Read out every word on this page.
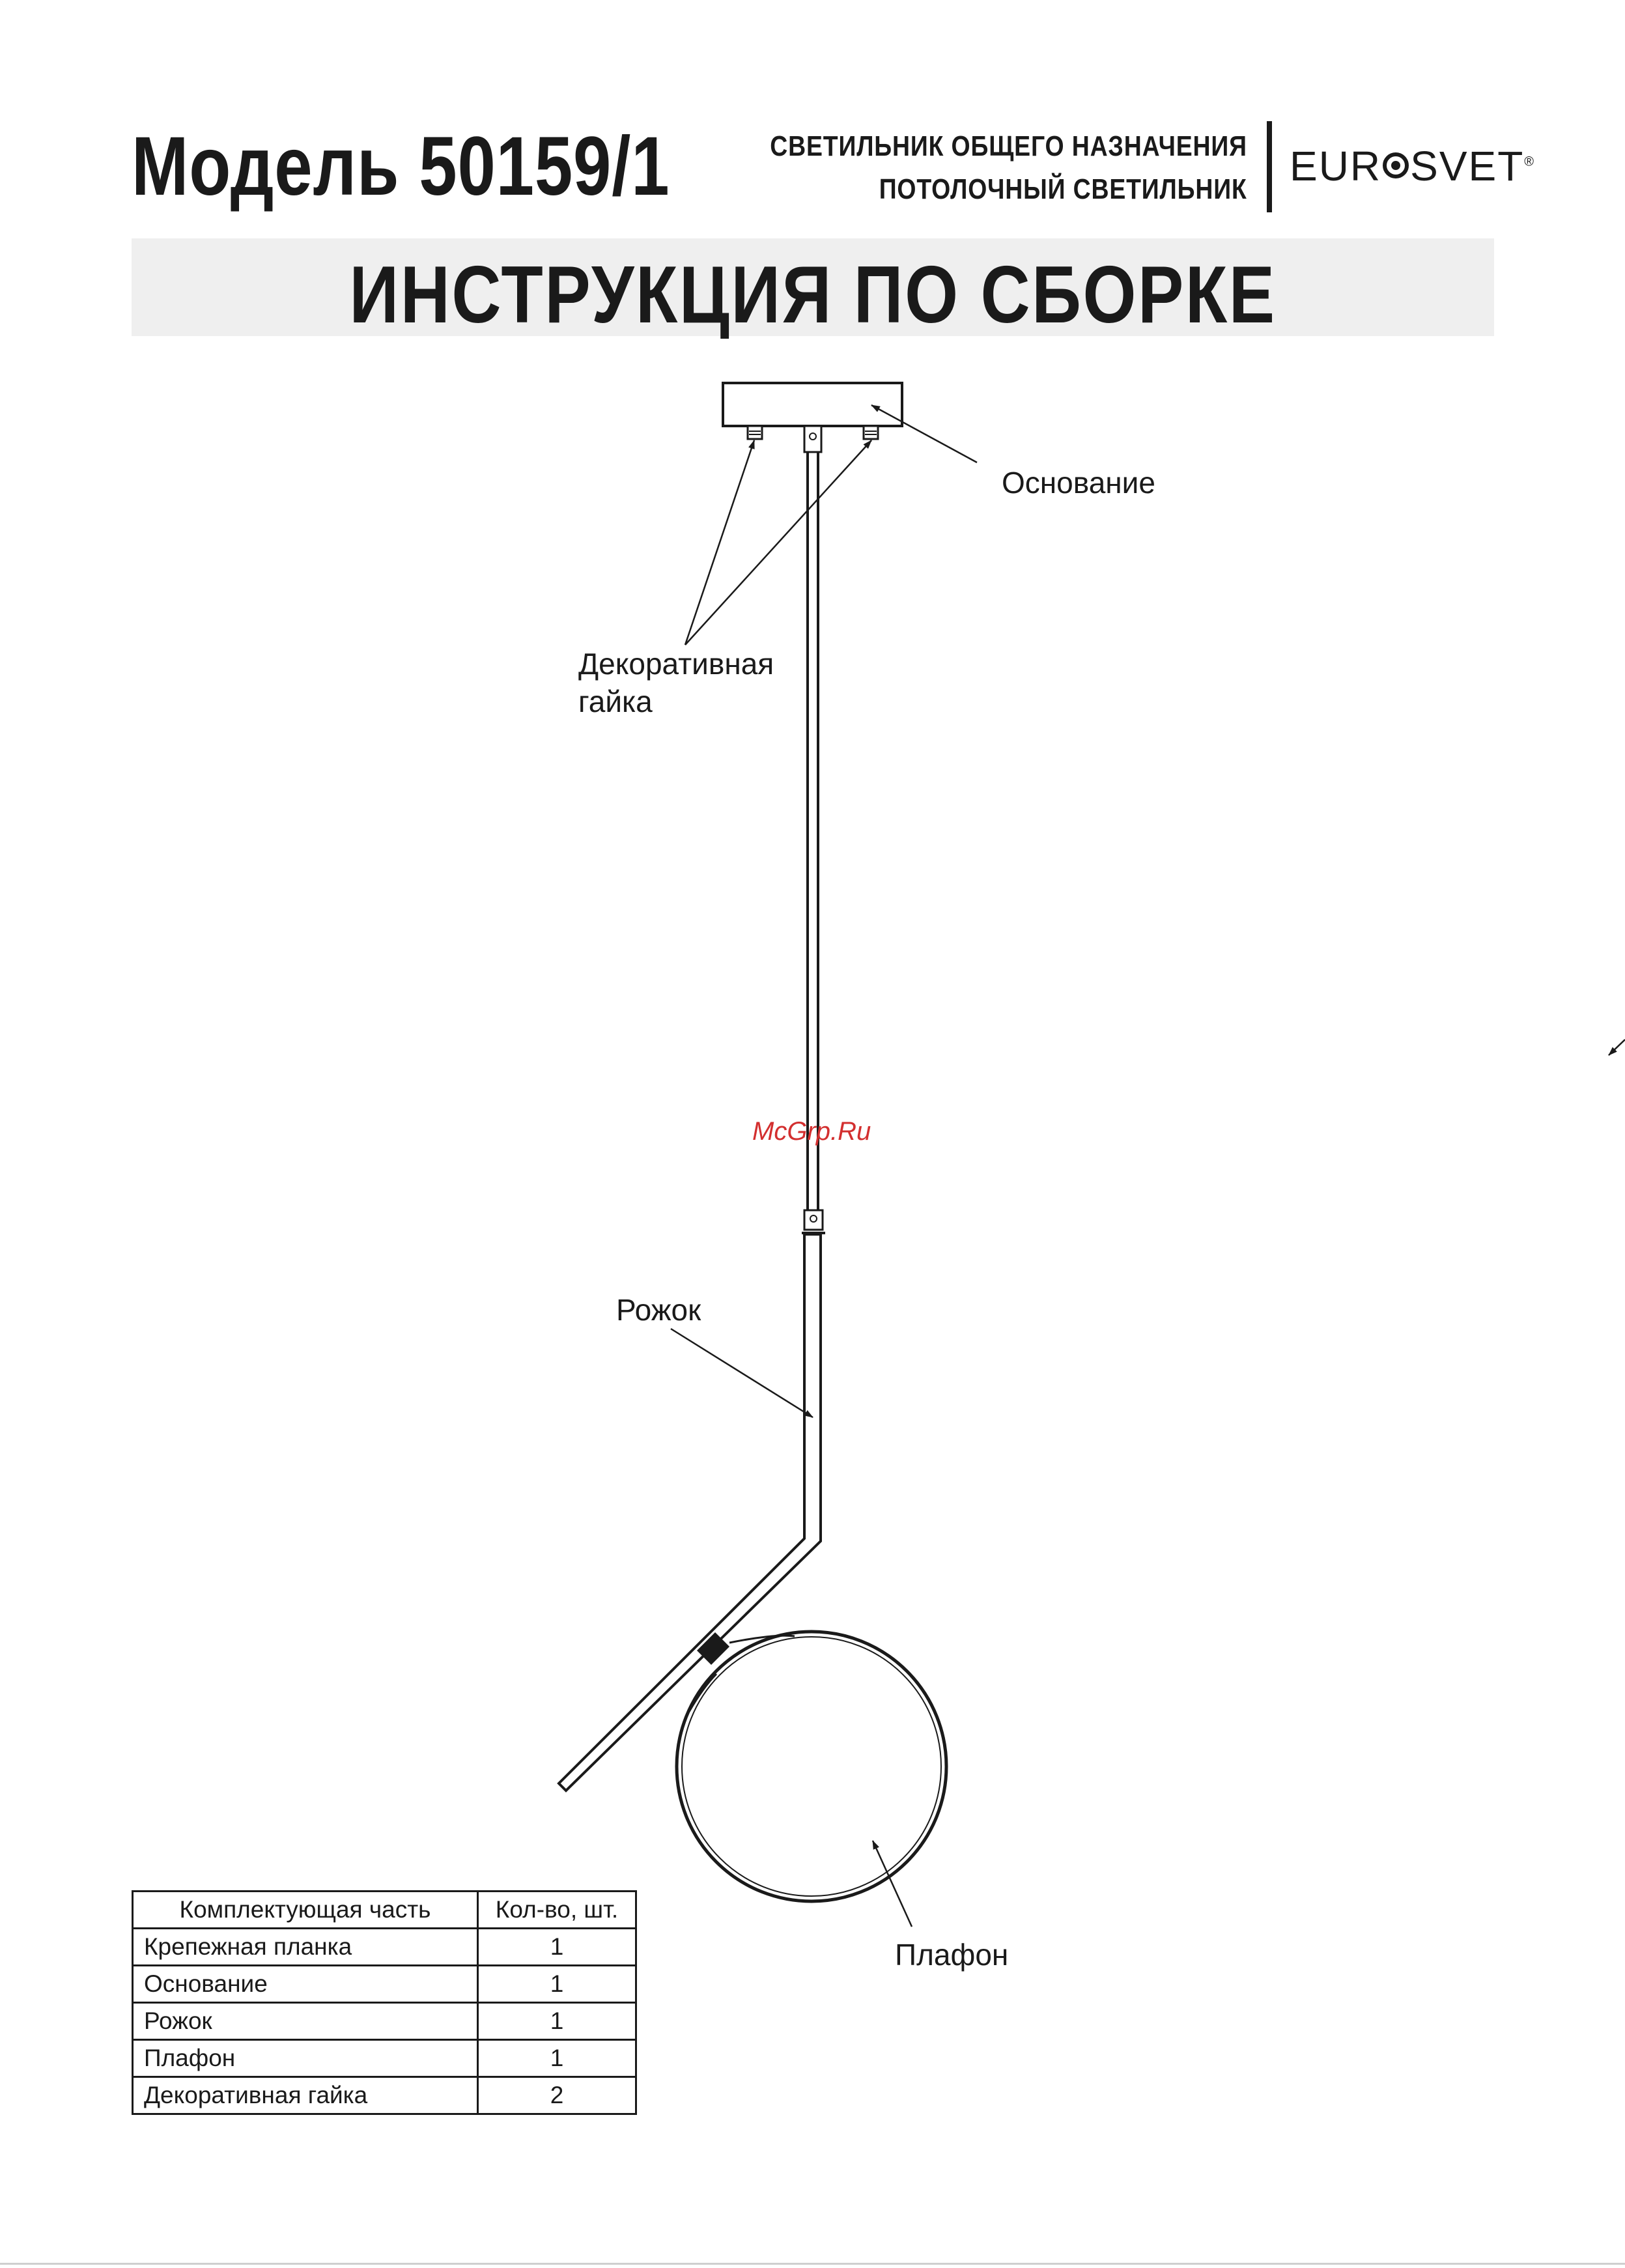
Модель 50159/1	СВЕТИЛЬНИК ОБЩЕГО НАЗНАЧЕНИЯ
ПОТОЛОЧНЫЙ СВЕТИЛЬНИК EUR SVET®
ИНСТРУКЦИЯ ПО СБОРКЕ
Основание
Декоративная
гайка
Рожок
Плафон
McGrp.Ru
Комплектующая часть	Кол-во, шт.
Крепежная планка	1
Основание	1
Рожок	1
Плафон	1
Декоративная гайка	2
